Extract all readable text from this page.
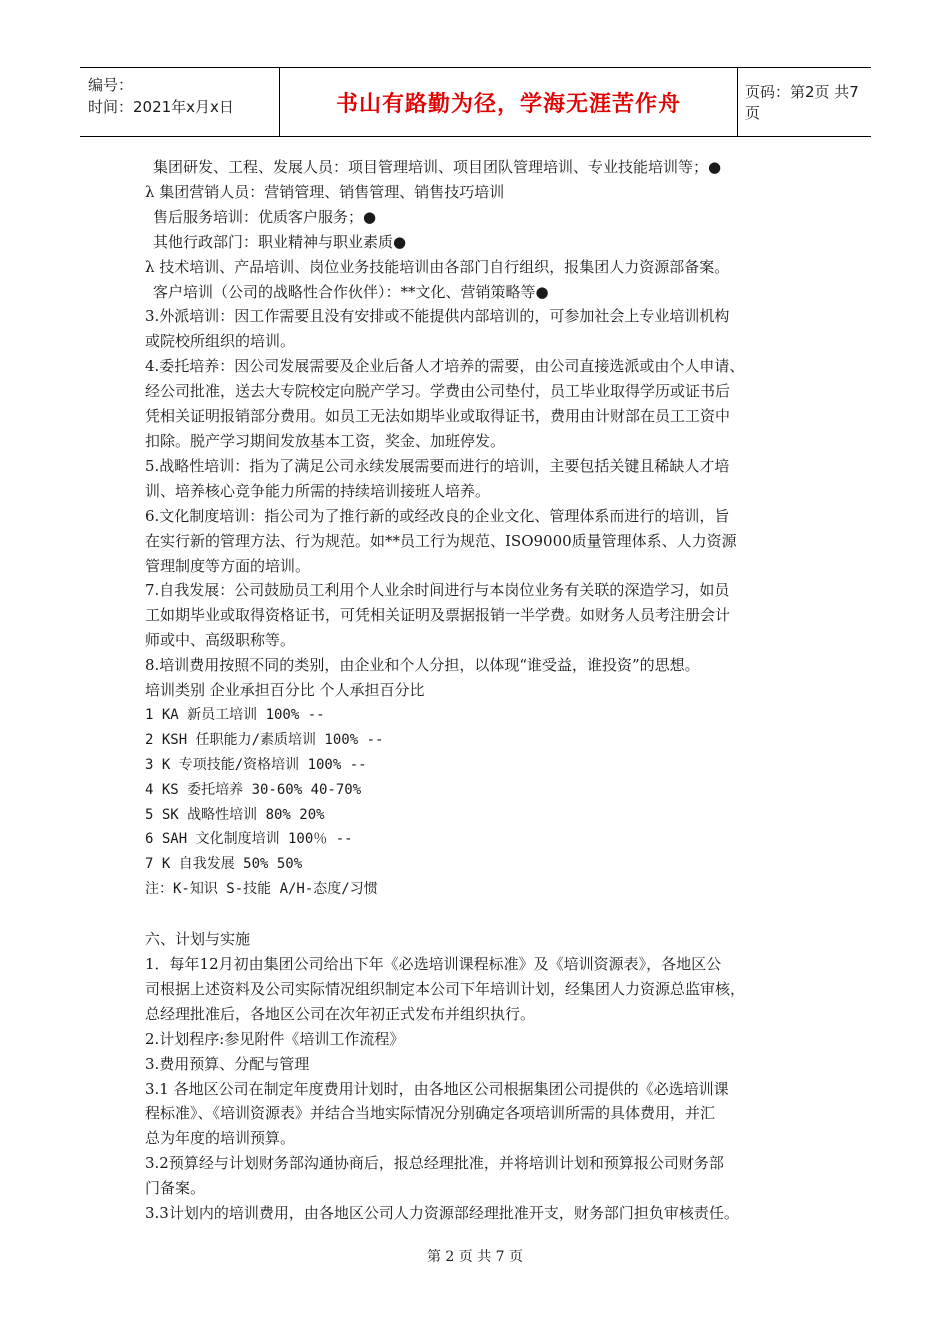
编号：
时间：2021年x月x日	书山有路勤为径，学海无涯苦作舟	页码：第2页 共7页

集团研发、工程、发展人员：项目管理培训、项目团队管理培训、专业技能培训等；●

λ 集团营销人员：营销管理、销售管理、销售技巧培训

售后服务培训：优质客户服务；●

其他行政部门：职业精神与职业素质●

λ 技术培训、产品培训、岗位业务技能培训由各部门自行组织，报集团人力资源部备案。

客户培训（公司的战略性合作伙伴）：**文化、营销策略等●

3.外派培训：因工作需要且没有安排或不能提供内部培训的，可参加社会上专业培训机构

或院校所组织的培训。

4.委托培养：因公司发展需要及企业后备人才培养的需要，由公司直接选派或由个人申请、

经公司批准，送去大专院校定向脱产学习。学费由公司垫付，员工毕业取得学历或证书后

凭相关证明报销部分费用。如员工无法如期毕业或取得证书，费用由计财部在员工工资中

扣除。脱产学习期间发放基本工资，奖金、加班停发。

5.战略性培训：指为了满足公司永续发展需要而进行的培训，主要包括关键且稀缺人才培

训、培养核心竞争能力所需的持续培训接班人培养。

6.文化制度培训：指公司为了推行新的或经改良的企业文化、管理体系而进行的培训，旨

在实行新的管理方法、行为规范。如**员工行为规范、ISO9000质量管理体系、人力资源

管理制度等方面的培训。

7.自我发展：公司鼓励员工利用个人业余时间进行与本岗位业务有关联的深造学习，如员

工如期毕业或取得资格证书，可凭相关证明及票据报销一半学费。如财务人员考注册会计

师或中、高级职称等。

8.培训费用按照不同的类别，由企业和个人分担，以体现“谁受益，谁投资”的思想。

培训类别 企业承担百分比 个人承担百分比

1 KA 新员工培训 100% --

2 KSH 任职能力/素质培训 100% --

3 K 专项技能/资格培训 100% --

4 KS 委托培养 30-60% 40-70%

5 SK 战略性培训 80% 20%

6 SAH 文化制度培训 100％ --

7 K 自我发展 50% 50%

注：K-知识 S-技能 A/H-态度/习惯

六、计划与实施

1．每年12月初由集团公司给出下年《必选培训课程标准》及《培训资源表》，各地区公

司根据上述资料及公司实际情况组织制定本公司下年培训计划，经集团人力资源总监审核，

总经理批准后，各地区公司在次年初正式发布并组织执行。

2.计划程序:参见附件《培训工作流程》

3.费用预算、分配与管理

3.1 各地区公司在制定年度费用计划时，由各地区公司根据集团公司提供的《必选培训课

程标准》、《培训资源表》并结合当地实际情况分别确定各项培训所需的具体费用，并汇

总为年度的培训预算。

3.2预算经与计划财务部沟通协商后，报总经理批准，并将培训计划和预算报公司财务部

门备案。

3.3计划内的培训费用，由各地区公司人力资源部经理批准开支，财务部门担负审核责任。

第 2 页 共 7 页
